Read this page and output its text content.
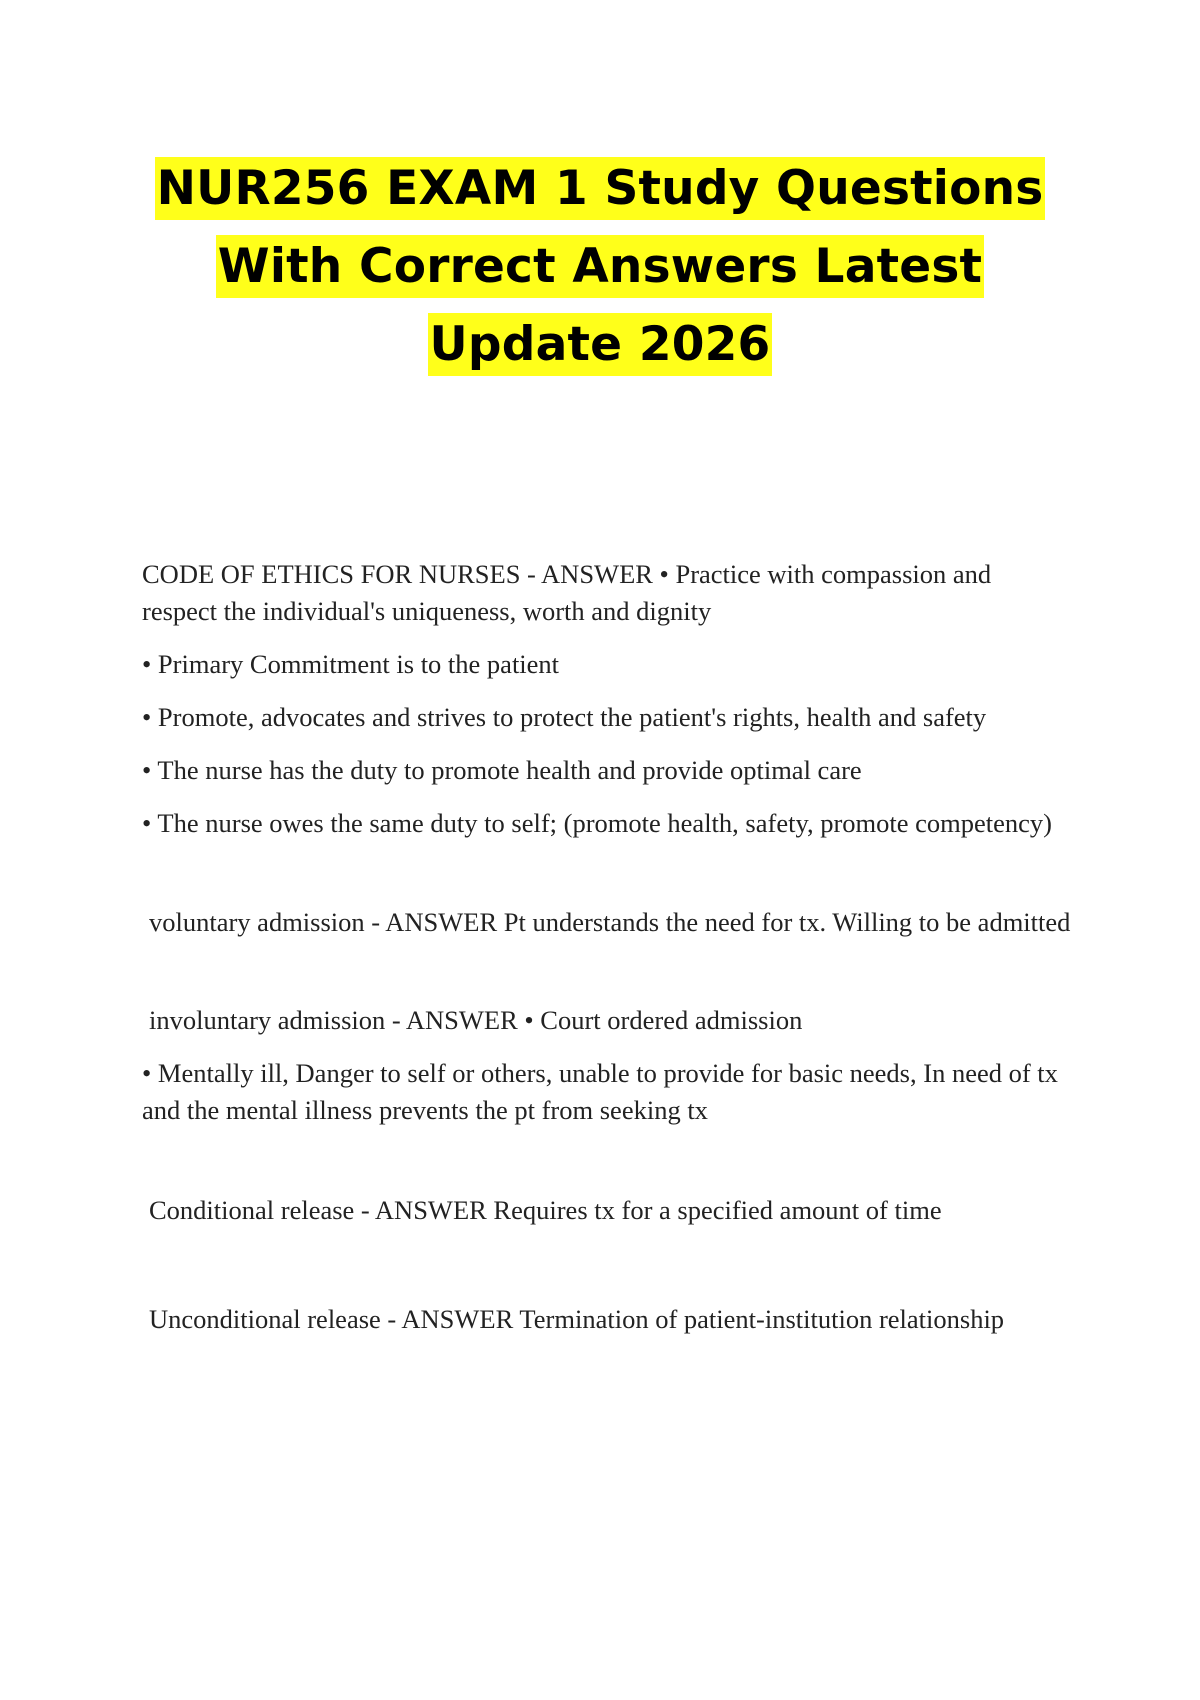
NUR256 EXAM 1 Study Questions
With Correct Answers Latest
Update 2026

CODE OF ETHICS FOR NURSES - ANSWER • Practice with compassion and respect the individual's uniqueness, worth and dignity

• Primary Commitment is to the patient

• Promote, advocates and strives to protect the patient's rights, health and safety

• The nurse has the duty to promote health and provide optimal care

• The nurse owes the same duty to self; (promote health, safety, promote competency)

voluntary admission - ANSWER Pt understands the need for tx. Willing to be admitted

involuntary admission - ANSWER • Court ordered admission

• Mentally ill, Danger to self or others, unable to provide for basic needs, In need of tx and the mental illness prevents the pt from seeking tx

Conditional release - ANSWER Requires tx for a specified amount of time

Unconditional release - ANSWER Termination of patient-institution relationship
